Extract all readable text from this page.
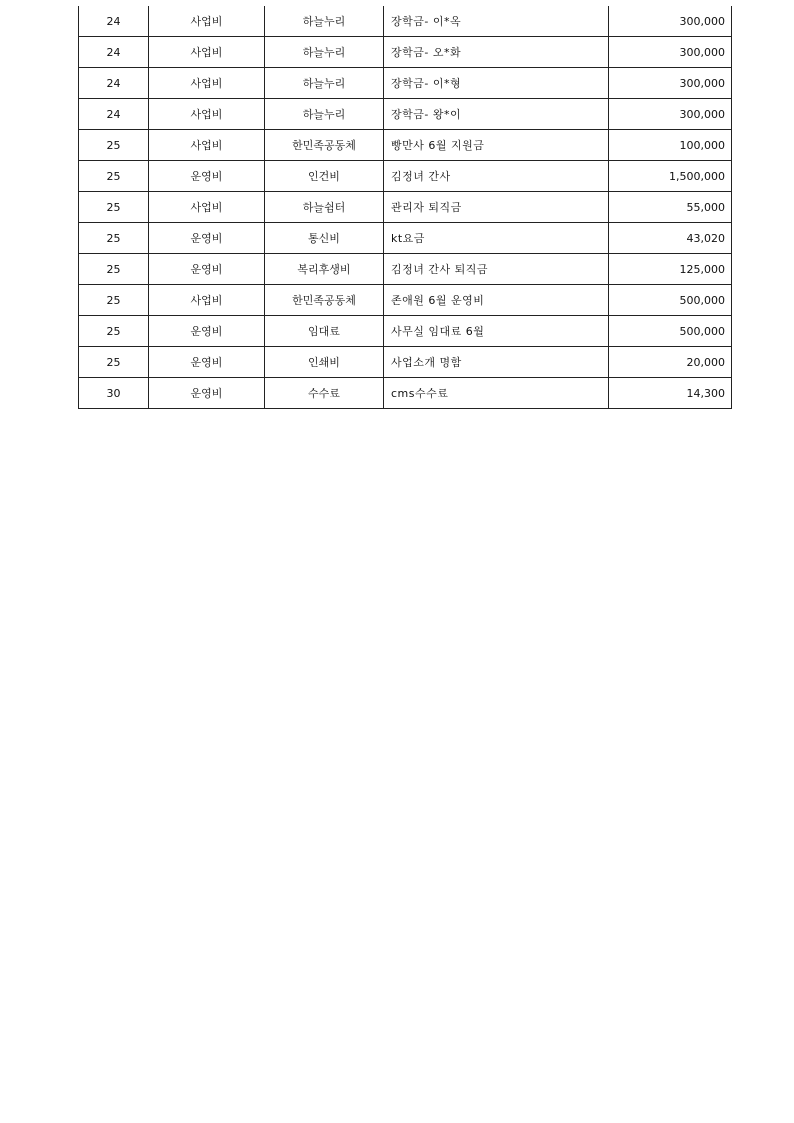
24	사업비	하늘누리	장학금- 이*옥	300,000
24	사업비	하늘누리	장학금- 오*화	300,000
24	사업비	하늘누리	장학금- 이*형	300,000
24	사업비	하늘누리	장학금- 왕*이	300,000
25	사업비	한민족공동체	빵만사 6월 지원금	100,000
25	운영비	인건비	김정녀 간사	1,500,000
25	사업비	하늘쉼터	관리자 퇴직금	55,000
25	운영비	통신비	kt요금	43,020
25	운영비	복리후생비	김정녀 간사 퇴직금	125,000
25	사업비	한민족공동체	존애원 6월 운영비	500,000
25	운영비	임대료	사무실 임대료 6월	500,000
25	운영비	인쇄비	사업소개 명함	20,000
30	운영비	수수료	cms수수료	14,300
